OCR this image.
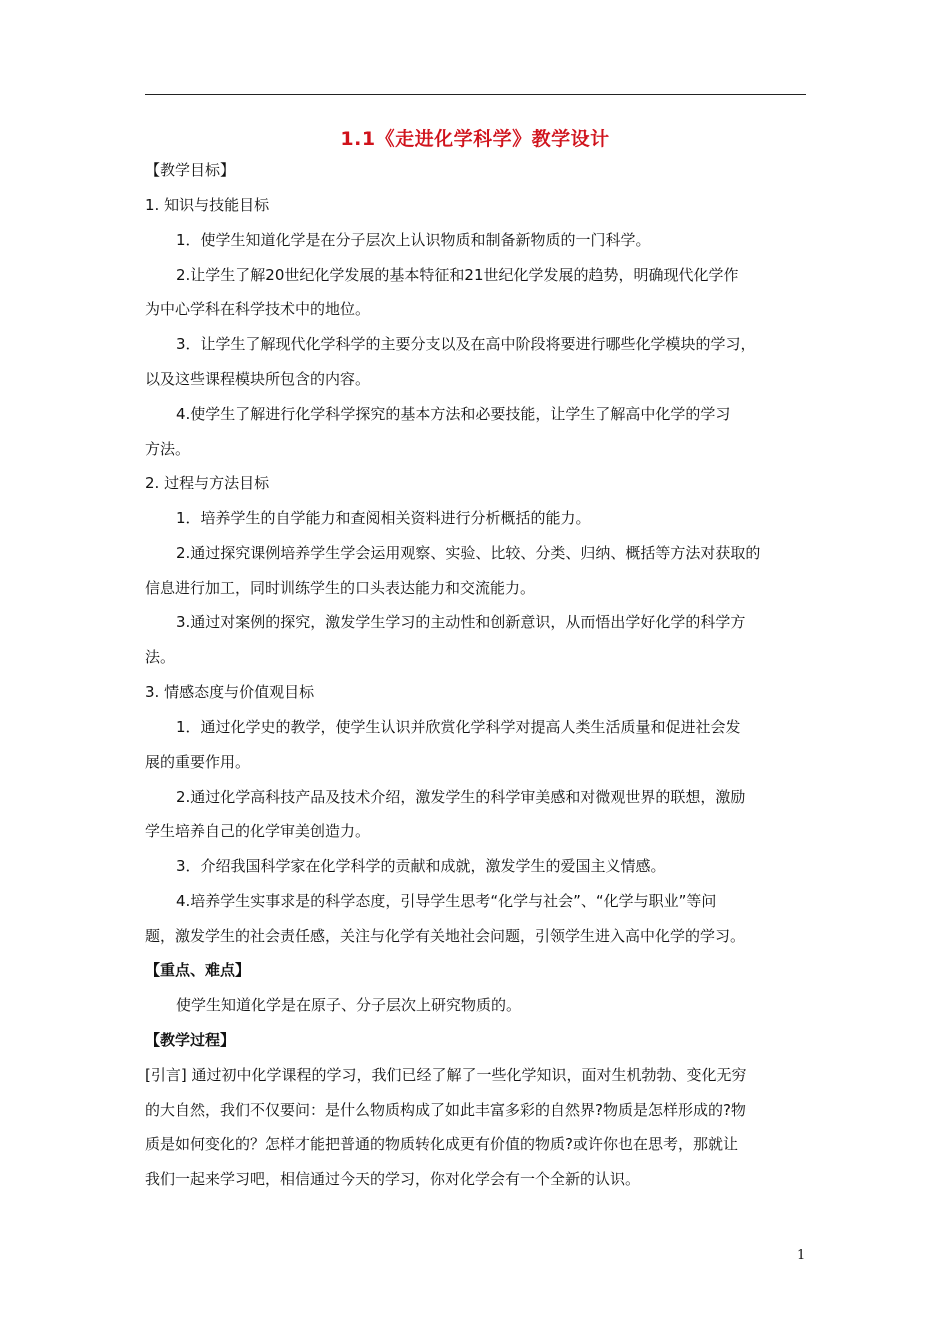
1.1《走进化学科学》教学设计
【教学目标】
1. 知识与技能目标
1．使学生知道化学是在分子层次上认识物质和制备新物质的一门科学。
2.让学生了解20世纪化学发展的基本特征和21世纪化学发展的趋势，明确现代化学作
为中心学科在科学技术中的地位。
3．让学生了解现代化学科学的主要分支以及在高中阶段将要进行哪些化学模块的学习，
以及这些课程模块所包含的内容。
4.使学生了解进行化学科学探究的基本方法和必要技能，让学生了解高中化学的学习
方法。
2. 过程与方法目标
1．培养学生的自学能力和查阅相关资料进行分析概括的能力。
2.通过探究课例培养学生学会运用观察、实验、比较、分类、归纳、概括等方法对获取的
信息进行加工，同时训练学生的口头表达能力和交流能力。
3.通过对案例的探究，激发学生学习的主动性和创新意识，从而悟出学好化学的科学方
法。
3. 情感态度与价值观目标
1．通过化学史的教学，使学生认识并欣赏化学科学对提高人类生活质量和促进社会发
展的重要作用。
2.通过化学高科技产品及技术介绍，激发学生的科学审美感和对微观世界的联想，激励
学生培养自己的化学审美创造力。
3．介绍我国科学家在化学科学的贡献和成就，激发学生的爱国主义情感。
4.培养学生实事求是的科学态度，引导学生思考“化学与社会”、“化学与职业”等问
题，激发学生的社会责任感，关注与化学有关地社会问题，引领学生进入高中化学的学习。
【重点、难点】
使学生知道化学是在原子、分子层次上研究物质的。
【教学过程】
[引言] 通过初中化学课程的学习，我们已经了解了一些化学知识，面对生机勃勃、变化无穷
的大自然，我们不仅要问：是什么物质构成了如此丰富多彩的自然界?物质是怎样形成的?物
质是如何变化的？怎样才能把普通的物质转化成更有价值的物质?或许你也在思考，那就让
我们一起来学习吧，相信通过今天的学习，你对化学会有一个全新的认识。
1
